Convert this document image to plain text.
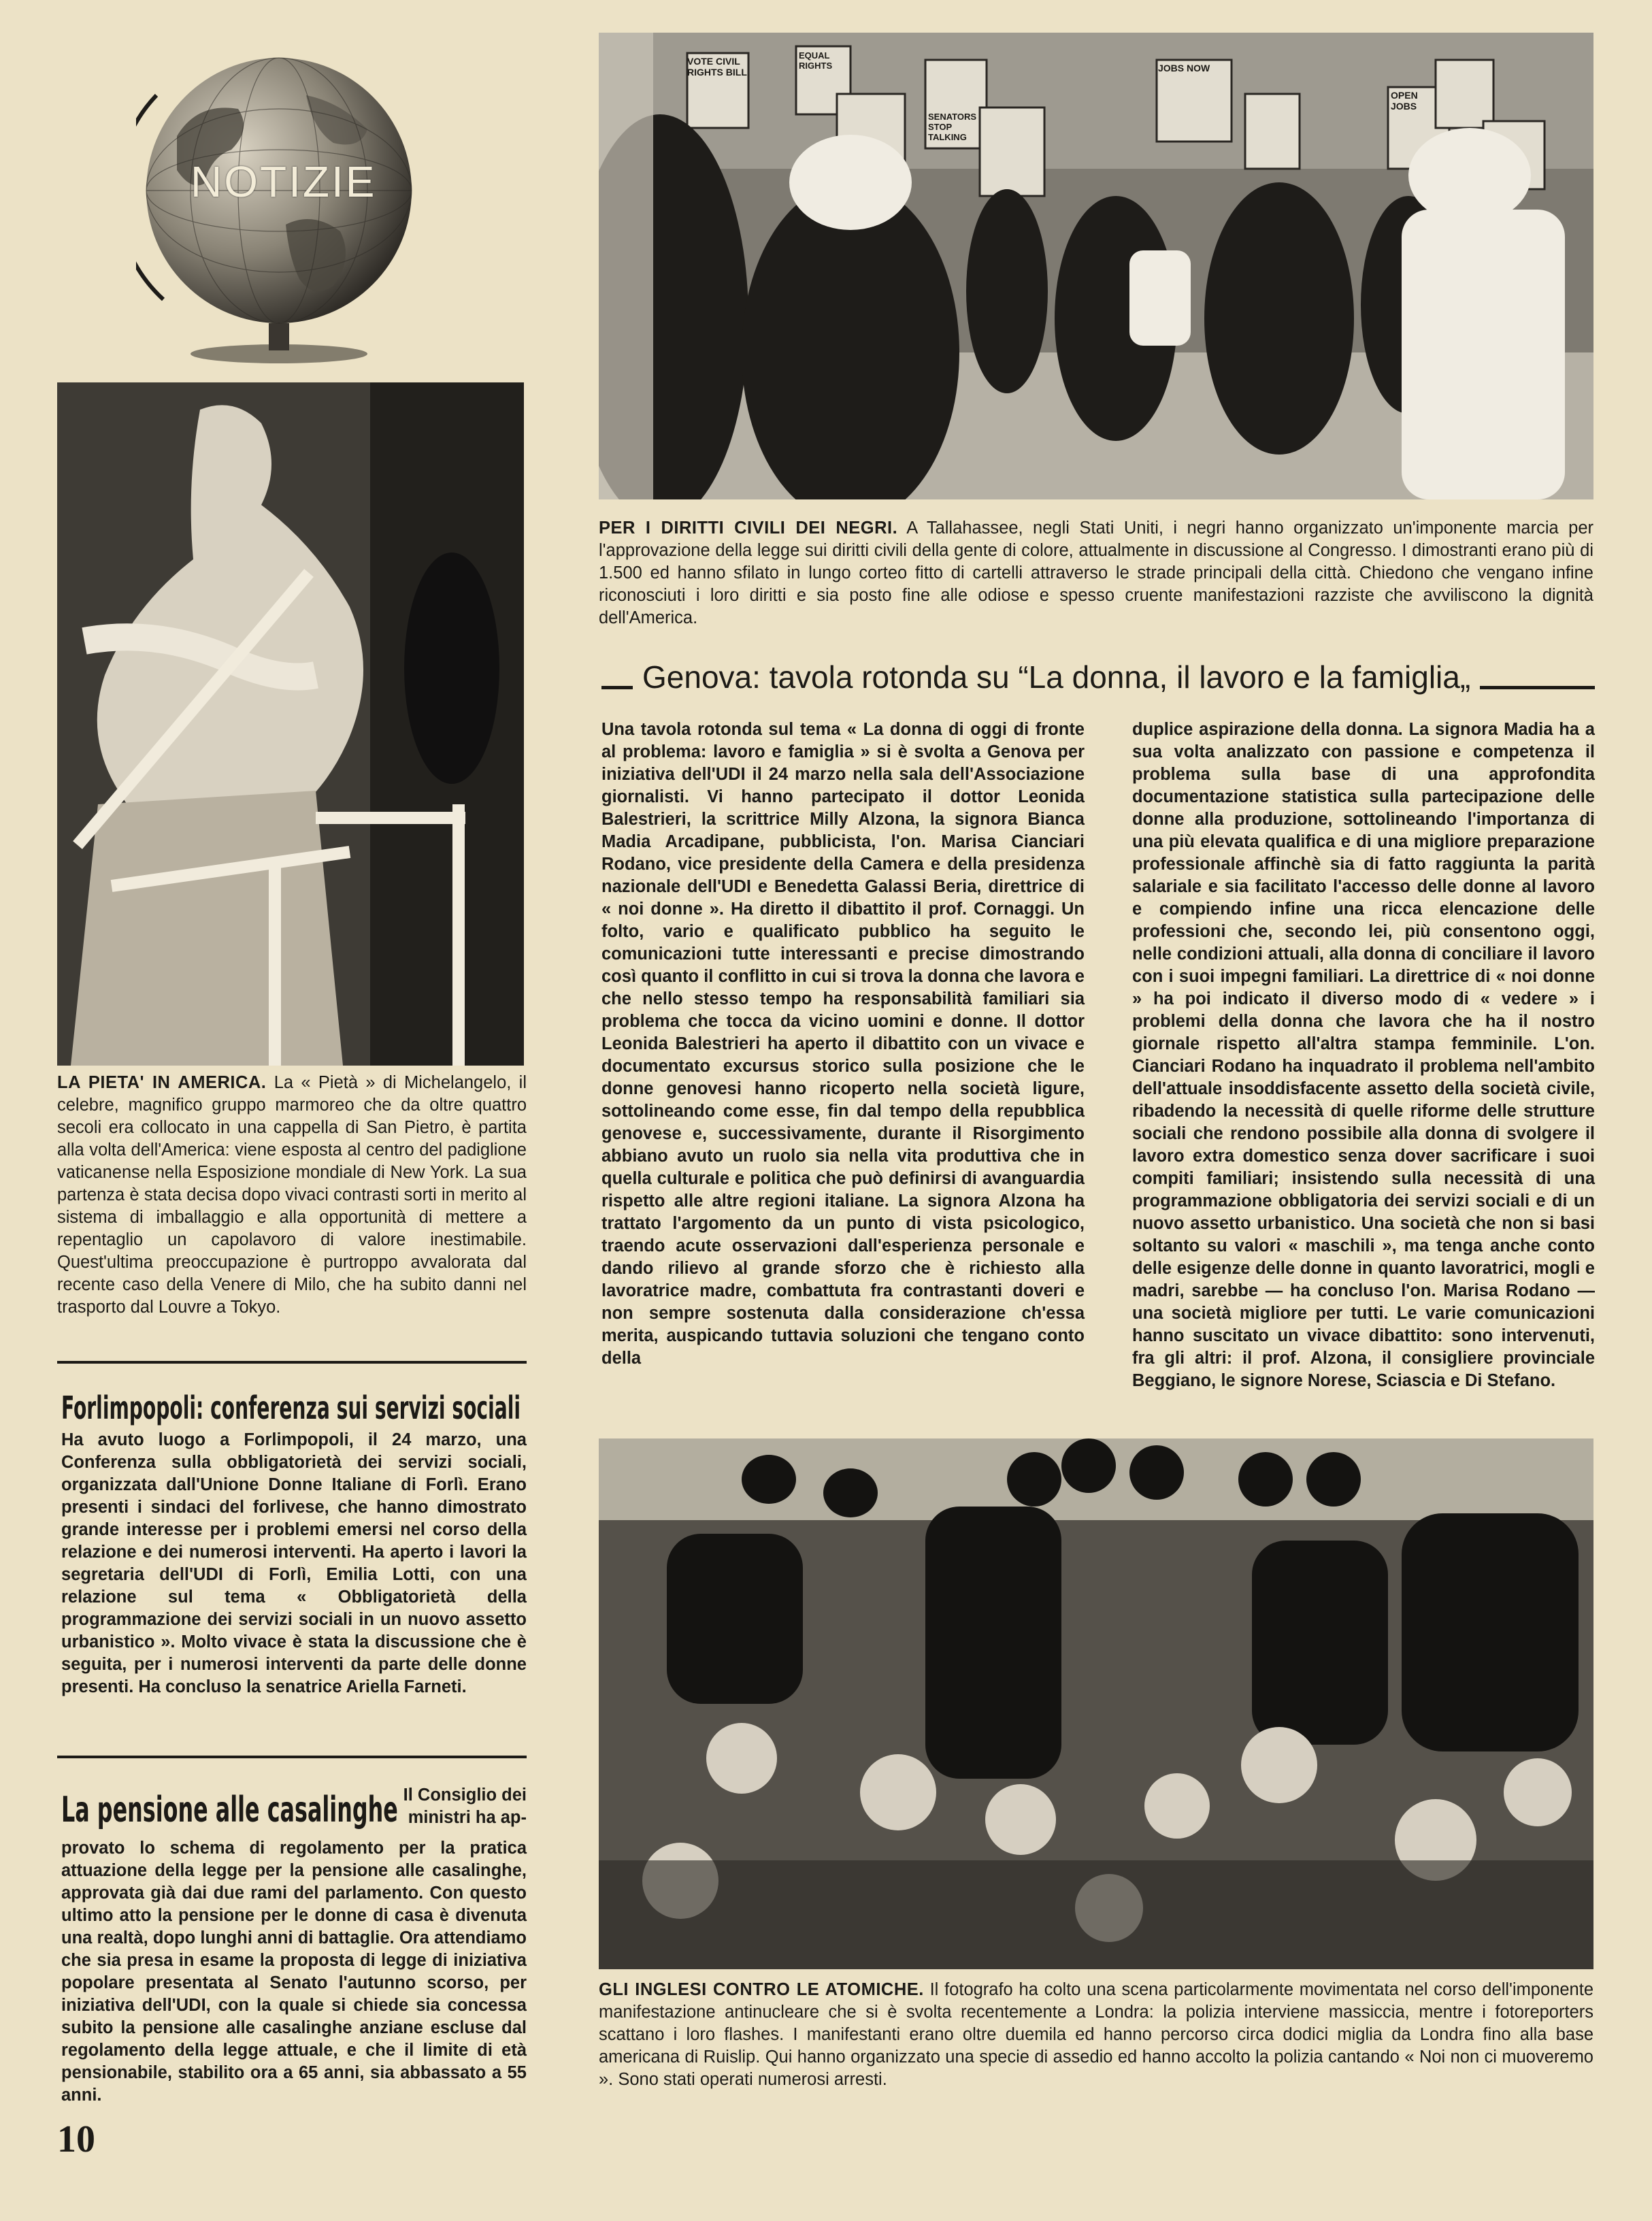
NOTIZIE

PER I DIRITTI CIVILI DEI NEGRI. A Tallahassee, negli Stati Uniti, i negri hanno organizzato un'imponente marcia per l'approvazione della legge sui diritti civili della gente di colore, attualmente in discussione al Congresso. I dimostranti erano più di 1.500 ed hanno sfilato in lungo corteo fitto di cartelli attraverso le strade principali della città. Chiedono che vengano infine riconosciuti i loro diritti e sia posto fine alle odiose e spesso cruente manifestazioni razziste che avviliscono la dignità dell'America.

LA PIETA' IN AMERICA. La « Pietà » di Michelangelo, il celebre, magnifico gruppo marmoreo che da oltre quattro secoli era collocato in una cappella di San Pietro, è partita alla volta dell'America: viene esposta al centro del padiglione vaticanense nella Esposizione mondiale di New York. La sua partenza è stata decisa dopo vivaci contrasti sorti in merito al sistema di imballaggio e alla opportunità di mettere a repentaglio un capolavoro di valore inestimabile. Quest'ultima preoccupazione è purtroppo avvalorata dal recente caso della Venere di Milo, che ha subito danni nel trasporto dal Louvre a Tokyo.

Genova: tavola rotonda su “La donna, il lavoro e la famiglia„

Una tavola rotonda sul tema « La donna di oggi di fronte al problema: lavoro e famiglia » si è svolta a Genova per iniziativa dell'UDI il 24 marzo nella sala dell'Associazione giornalisti. Vi hanno partecipato il dottor Leonida Balestrieri, la scrittrice Milly Alzona, la signora Bianca Madia Arcadipane, pubblicista, l'on. Marisa Cianciari Rodano, vice presidente della Camera e della presidenza nazionale dell'UDI e Benedetta Galassi Beria, direttrice di « noi donne ». Ha diretto il dibattito il prof. Cornaggi. Un folto, vario e qualificato pubblico ha seguito le comunicazioni tutte interessanti e precise dimostrando così quanto il conflitto in cui si trova la donna che lavora e che nello stesso tempo ha responsabilità familiari sia problema che tocca da vicino uomini e donne. Il dottor Leonida Balestrieri ha aperto il dibattito con un vivace e documentato excursus storico sulla posizione che le donne genovesi hanno ricoperto nella società ligure, sottolineando come esse, fin dal tempo della repubblica genovese e, successivamente, durante il Risorgimento abbiano avuto un ruolo sia nella vita produttiva che in quella culturale e politica che può definirsi di avanguardia rispetto alle altre regioni italiane. La signora Alzona ha trattato l'argomento da un punto di vista psicologico, traendo acute osservazioni dall'esperienza personale e dando rilievo al grande sforzo che è richiesto alla lavoratrice madre, combattuta fra contrastanti doveri e non sempre sostenuta dalla considerazione ch'essa merita, auspicando tuttavia soluzioni che tengano conto della

duplice aspirazione della donna. La signora Madia ha a sua volta analizzato con passione e competenza il problema sulla base di una approfondita documentazione statistica sulla partecipazione delle donne alla produzione, sottolineando l'importanza di una più elevata qualifica e di una migliore preparazione professionale affinchè sia di fatto raggiunta la parità salariale e sia facilitato l'accesso delle donne al lavoro e compiendo infine una ricca elencazione delle professioni che, secondo lei, più consentono oggi, nelle condizioni attuali, alla donna di conciliare il lavoro con i suoi impegni familiari. La direttrice di « noi donne » ha poi indicato il diverso modo di « vedere » i problemi della donna che lavora che ha il nostro giornale rispetto all'altra stampa femminile. L'on. Cianciari Rodano ha inquadrato il problema nell'ambito dell'attuale insoddisfacente assetto della società civile, ribadendo la necessità di quelle riforme delle strutture sociali che rendono possibile alla donna di svolgere il lavoro extra domestico senza dover sacrificare i suoi compiti familiari; insistendo sulla necessità di una programmazione obbligatoria dei servizi sociali e di un nuovo assetto urbanistico. Una società che non si basi soltanto su valori « maschili », ma tenga anche conto delle esigenze delle donne in quanto lavoratrici, mogli e madri, sarebbe — ha concluso l'on. Marisa Rodano — una società migliore per tutti. Le varie comunicazioni hanno suscitato un vivace dibattito: sono intervenuti, fra gli altri: il prof. Alzona, il consigliere provinciale Beggiano, le signore Norese, Sciascia e Di Stefano.

Forlimpopoli: conferenza sui servizi sociali

Ha avuto luogo a Forlimpopoli, il 24 marzo, una Conferenza sulla obbligatorietà dei servizi sociali, organizzata dall'Unione Donne Italiane di Forlì. Erano presenti i sindaci del forlivese, che hanno dimostrato grande interesse per i problemi emersi nel corso della relazione e dei numerosi interventi. Ha aperto i lavori la segretaria dell'UDI di Forlì, Emilia Lotti, con una relazione sul tema « Obbligatorietà della programmazione dei servizi sociali in un nuovo assetto urbanistico ». Molto vivace è stata la discussione che è seguita, per i numerosi interventi da parte delle donne presenti. Ha concluso la senatrice Ariella Farneti.

La pensione alle casalinghe Il Consiglio dei ministri ha ap-

provato lo schema di regolamento per la pratica attuazione della legge per la pensione alle casalinghe, approvata già dai due rami del parlamento. Con questo ultimo atto la pensione per le donne di casa è divenuta una realtà, dopo lunghi anni di battaglie. Ora attendiamo che sia presa in esame la proposta di legge di iniziativa popolare presentata al Senato l'autunno scorso, per iniziativa dell'UDI, con la quale si chiede sia concessa subito la pensione alle casalinghe anziane escluse dal regolamento della legge attuale, e che il limite di età pensionabile, stabilito ora a 65 anni, sia abbassato a 55 anni.

10

GLI INGLESI CONTRO LE ATOMICHE. Il fotografo ha colto una scena particolarmente movimentata nel corso dell'imponente manifestazione antinucleare che si è svolta recentemente a Londra: la polizia interviene massiccia, mentre i fotoreporters scattano i loro flashes. I manifestanti erano oltre duemila ed hanno percorso circa dodici miglia da Londra fino alla base americana di Ruislip. Qui hanno organizzato una specie di assedio ed hanno accolto la polizia cantando « Noi non ci muoveremo ». Sono stati operati numerosi arresti.

VOTE CIVIL RIGHTS BILL	JOBS NOW
OPEN JOBS
SENATORS STOP TALKING
EQUAL RIGHTS
